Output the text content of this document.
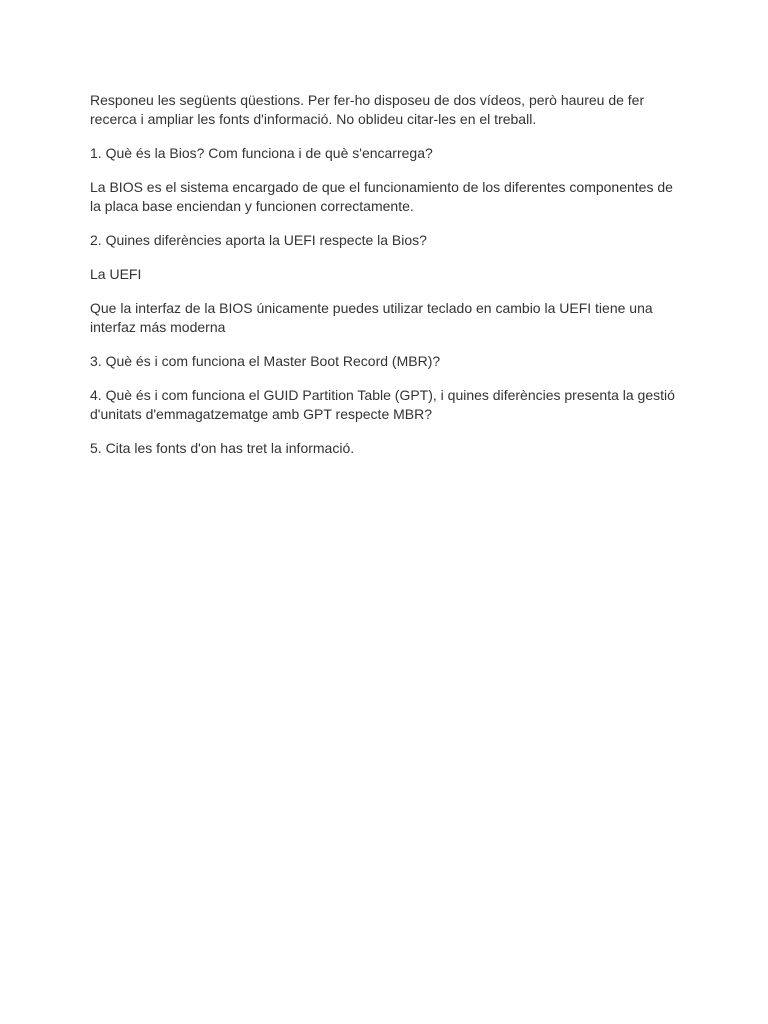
Responeu les següents qüestions. Per fer-ho disposeu de dos vídeos, però haureu de fer recerca i ampliar les fonts d'informació. No oblideu citar-les en el treball.

1. Què és la Bios? Com funciona i de què s'encarrega?

La BIOS es el sistema encargado de que el funcionamiento de los diferentes componentes de la placa base enciendan y funcionen correctamente.

2. Quines diferències aporta la UEFI respecte la Bios?

La UEFI

Que la interfaz de la BIOS únicamente puedes utilizar teclado en cambio la UEFI tiene una interfaz más moderna

3. Què és i com funciona el Master Boot Record (MBR)?

4. Què és i com funciona el GUID Partition Table (GPT), i quines diferències presenta la gestió d'unitats d'emmagatzematge amb GPT respecte MBR?

5. Cita les fonts d'on has tret la informació.
